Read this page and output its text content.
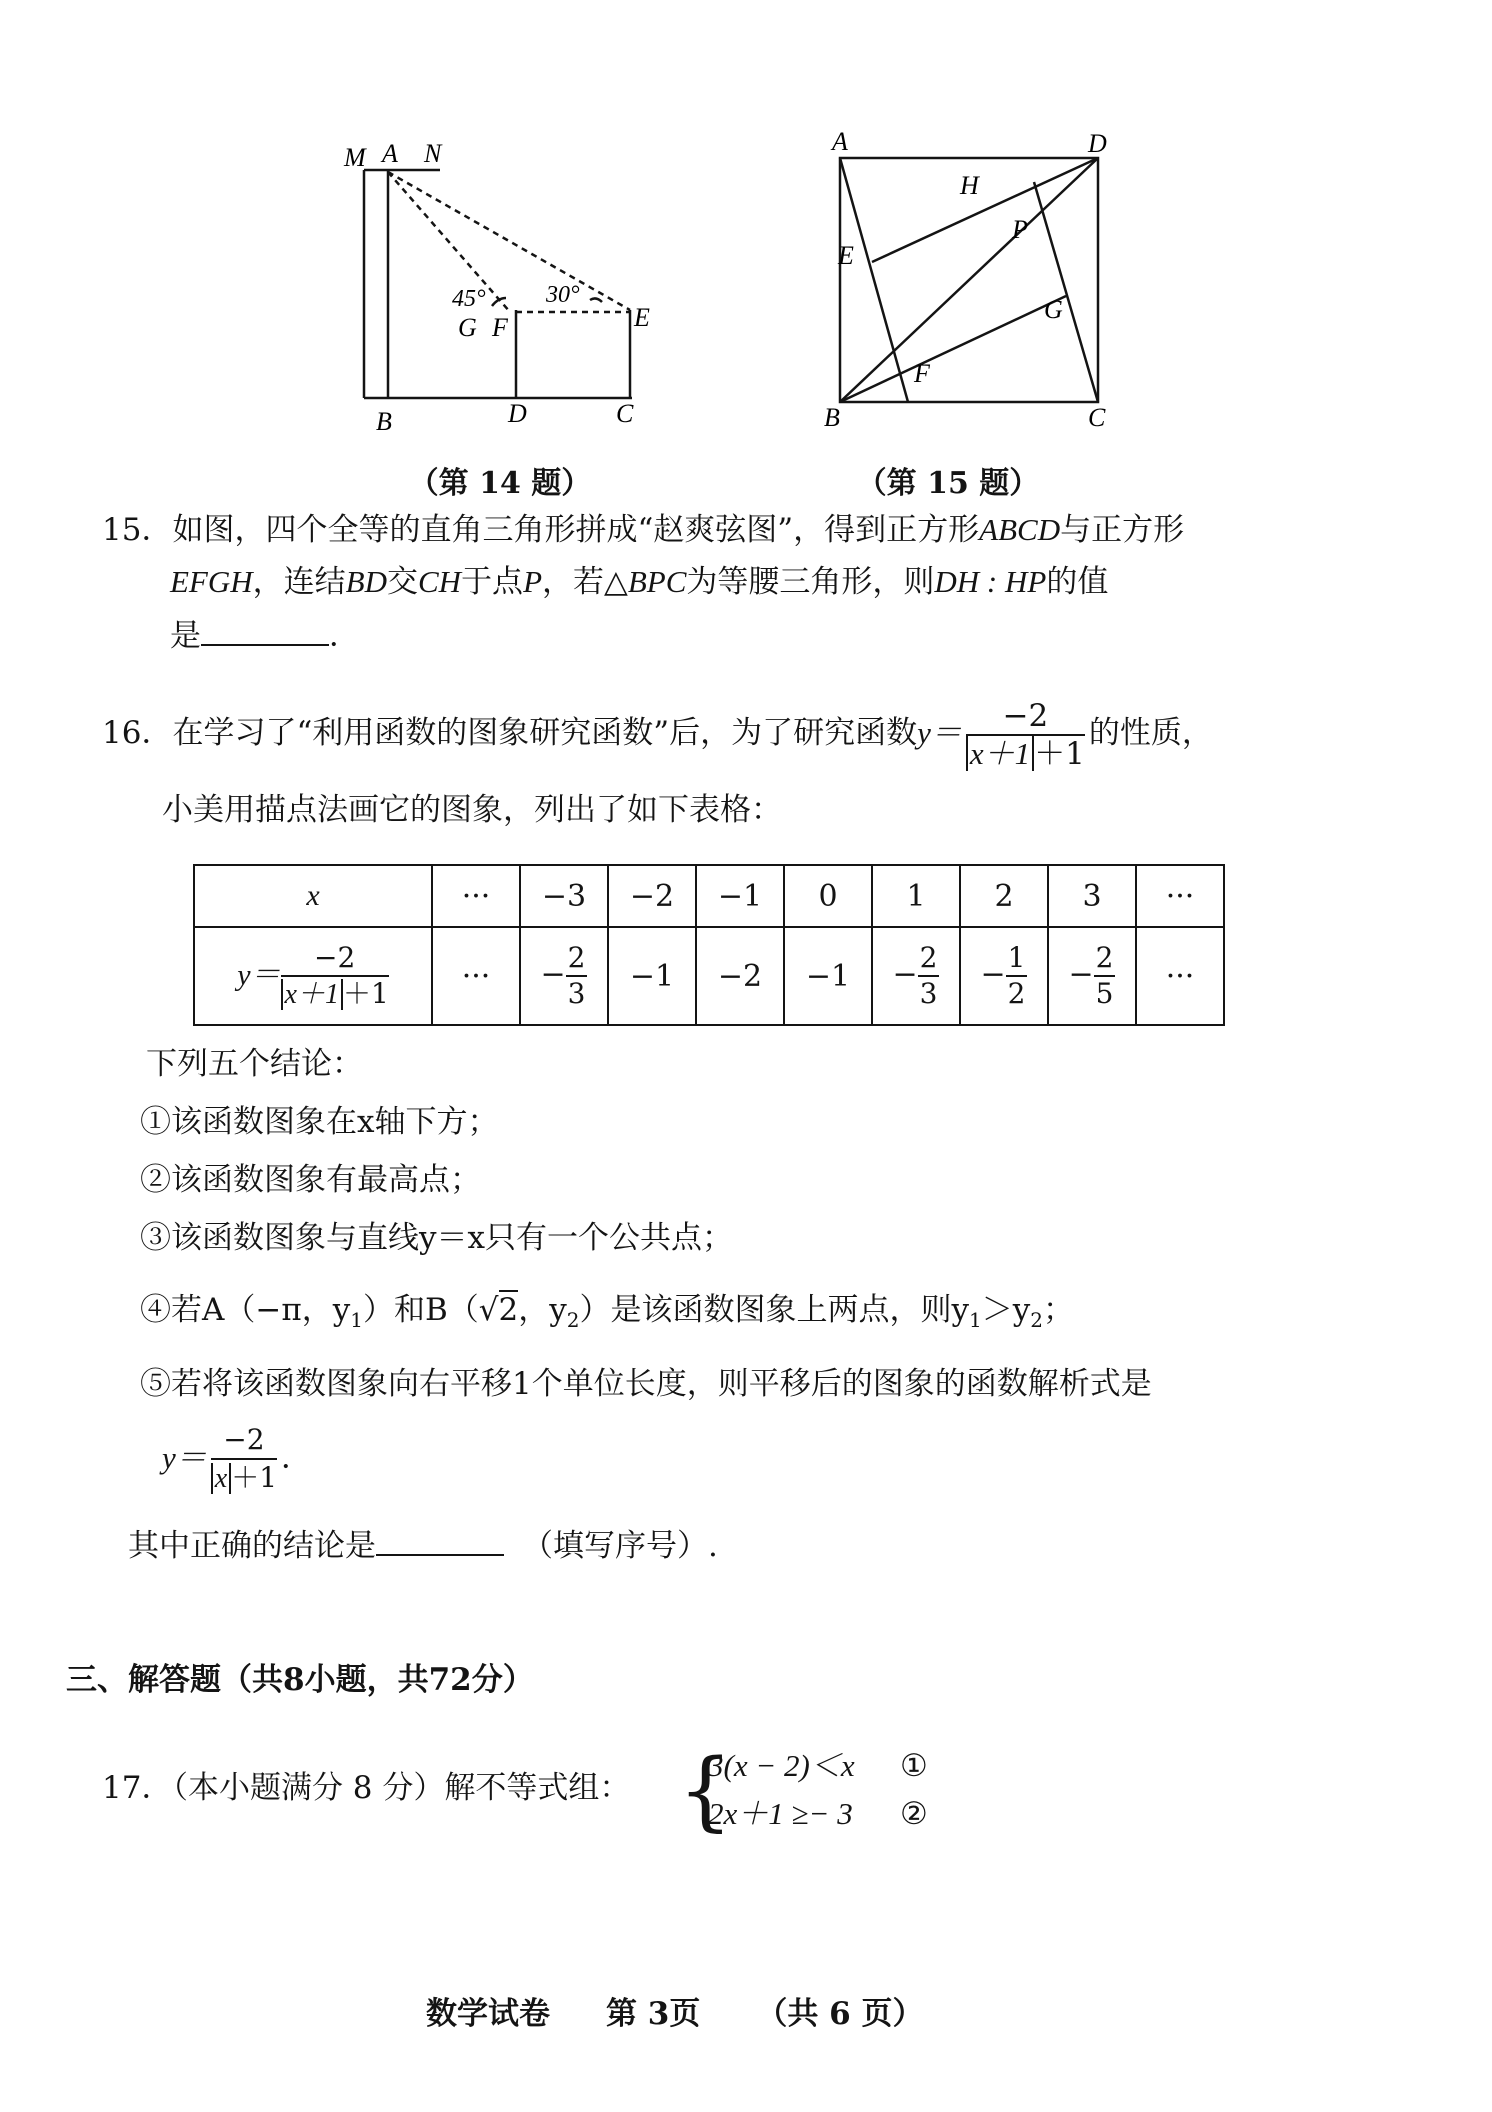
M A N
45°	30°
G F	E
B	D	C
（第 14 题）
A	D
H
P
E
G
F
B	C
（第 15 题）
15．如图，四个全等的直角三角形拼成“赵爽弦图”，得到正方形ABCD与正方形
EFGH，连结BD交CH于点P，若△BPC为等腰三角形，则DH : HP的值
是	．
16．在学习了“利用函数的图象研究函数”后，为了研究函数$y= \frac{-2}{x+1 +1}$ 的性质，
小美用描点法画它的图象，列出了如下表格：
x	···	−3	−2	−1	0	1	2	3	···
$y= \frac{-2}{x+1 +1}$	···	− $\frac{2}{3}$	−1	−2	−1	− $\frac{2}{3}$	− $\frac{1}{2}$	− $\frac{2}{5}$	···
下列五个结论：
①该函数图象在x轴下方；
②该函数图象有最高点；
③该函数图象与直线y＝x只有一个公共点；
④若A（−π，$y_1$）和B（√2，$y_2$）是该函数图象上两点，则$y_1>y_2$；
⑤若将该函数图象向右平移1个单位长度，则平移后的图象的函数解析式是
$y= \frac{-2}{x +1}$ ．
其中正确的结论是	（填写序号）.
三、解答题（共8小题，共72分）
17．（本小题满分 8 分）解不等式组： {
3(x − 2)＜x
2x＋1 ≥− 3
①
②
数学试卷 第 3页 （共 6 页）
